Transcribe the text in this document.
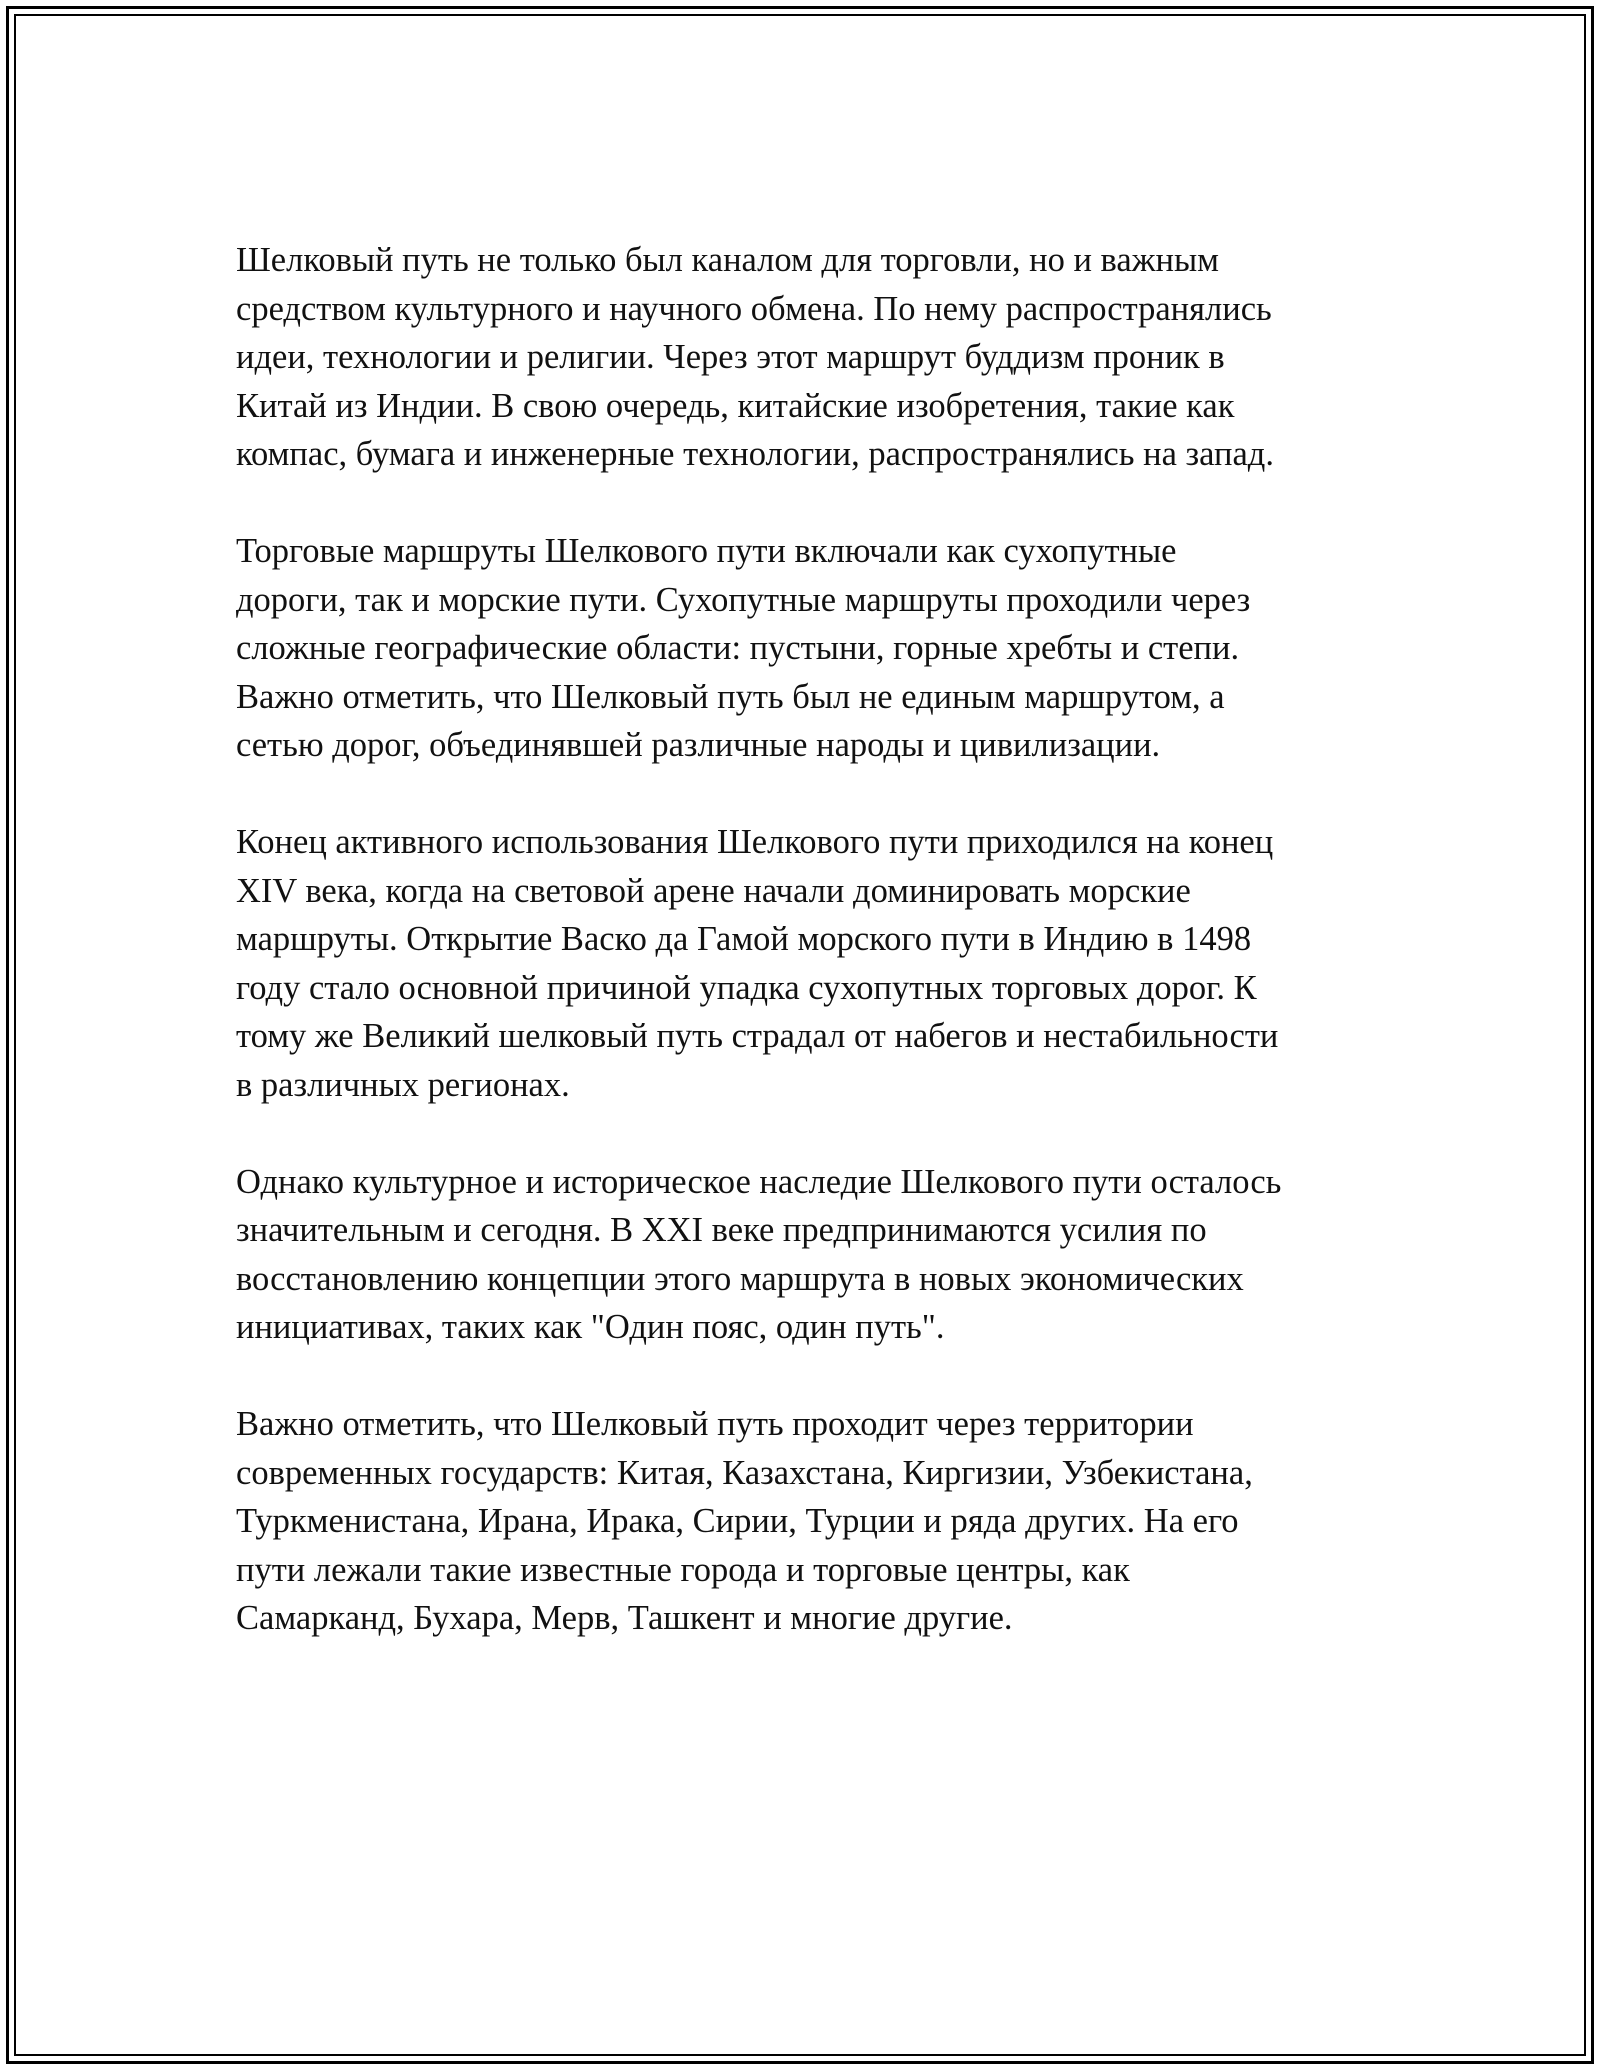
Шелковый путь не только был каналом для торговли, но и важным
средством культурного и научного обмена. По нему распространялись
идеи, технологии и религии. Через этот маршрут буддизм проник в
Китай из Индии. В свою очередь, китайские изобретения, такие как
компас, бумага и инженерные технологии, распространялись на запад.

Торговые маршруты Шелкового пути включали как сухопутные
дороги, так и морские пути. Сухопутные маршруты проходили через
сложные географические области: пустыни, горные хребты и степи.
Важно отметить, что Шелковый путь был не единым маршрутом, а
сетью дорог, объединявшей различные народы и цивилизации.

Конец активного использования Шелкового пути приходился на конец
XIV века, когда на световой арене начали доминировать морские
маршруты. Открытие Васко да Гамой морского пути в Индию в 1498
году стало основной причиной упадка сухопутных торговых дорог. К
тому же Великий шелковый путь страдал от набегов и нестабильности
в различных регионах.

Однако культурное и историческое наследие Шелкового пути осталось
значительным и сегодня. В XXI веке предпринимаются усилия по
восстановлению концепции этого маршрута в новых экономических
инициативах, таких как "Один пояс, один путь".

Важно отметить, что Шелковый путь проходит через территории
современных государств: Китая, Казахстана, Киргизии, Узбекистана,
Туркменистана, Ирана, Ирака, Сирии, Турции и ряда других. На его
пути лежали такие известные города и торговые центры, как
Самарканд, Бухара, Мерв, Ташкент и многие другие.
